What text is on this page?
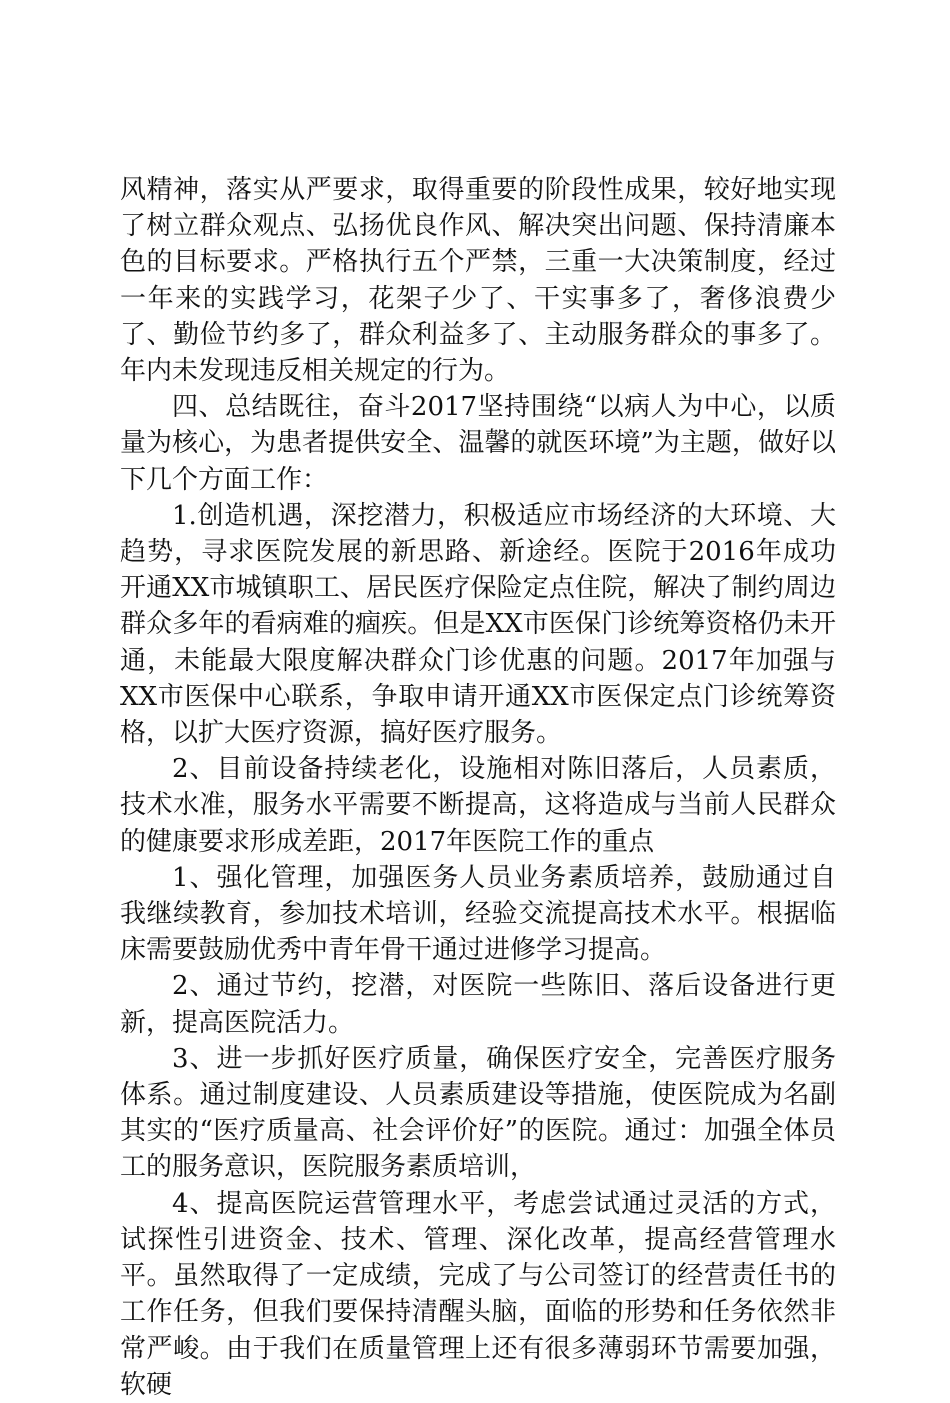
风精神，落实从严要求，取得重要的阶段性成果，较好地实现了树立群众观点、弘扬优良作风、解决突出问题、保持清廉本色的目标要求。严格执行五个严禁，三重一大决策制度，经过一年来的实践学习，花架子少了、干实事多了，奢侈浪费少了、勤俭节约多了，群众利益多了、主动服务群众的事多了。年内未发现违反相关规定的行为。

四、总结既往，奋斗2017坚持围绕“以病人为中心，以质量为核心，为患者提供安全、温馨的就医环境”为主题，做好以下几个方面工作：

1.创造机遇，深挖潜力，积极适应市场经济的大环境、大趋势，寻求医院发展的新思路、新途经。医院于2016年成功开通XX市城镇职工、居民医疗保险定点住院，解决了制约周边群众多年的看病难的痼疾。但是XX市医保门诊统筹资格仍未开通，未能最大限度解决群众门诊优惠的问题。2017年加强与XX市医保中心联系，争取申请开通XX市医保定点门诊统筹资格，以扩大医疗资源，搞好医疗服务。

2、目前设备持续老化，设施相对陈旧落后，人员素质，技术水准，服务水平需要不断提高，这将造成与当前人民群众的健康要求形成差距，2017年医院工作的重点

1、强化管理，加强医务人员业务素质培养，鼓励通过自我继续教育，参加技术培训，经验交流提高技术水平。根据临床需要鼓励优秀中青年骨干通过进修学习提高。

2、通过节约，挖潜，对医院一些陈旧、落后设备进行更新，提高医院活力。

3、进一步抓好医疗质量，确保医疗安全，完善医疗服务体系。通过制度建设、人员素质建设等措施，使医院成为名副其实的“医疗质量高、社会评价好”的医院。通过：加强全体员工的服务意识，医院服务素质培训，

4、提高医院运营管理水平，考虑尝试通过灵活的方式，试探性引进资金、技术、管理、深化改革，提高经营管理水平。虽然取得了一定成绩，完成了与公司签订的经营责任书的工作任务，但我们要保持清醒头脑，面临的形势和任务依然非常严峻。由于我们在质量管理上还有很多薄弱环节需要加强，软硬
